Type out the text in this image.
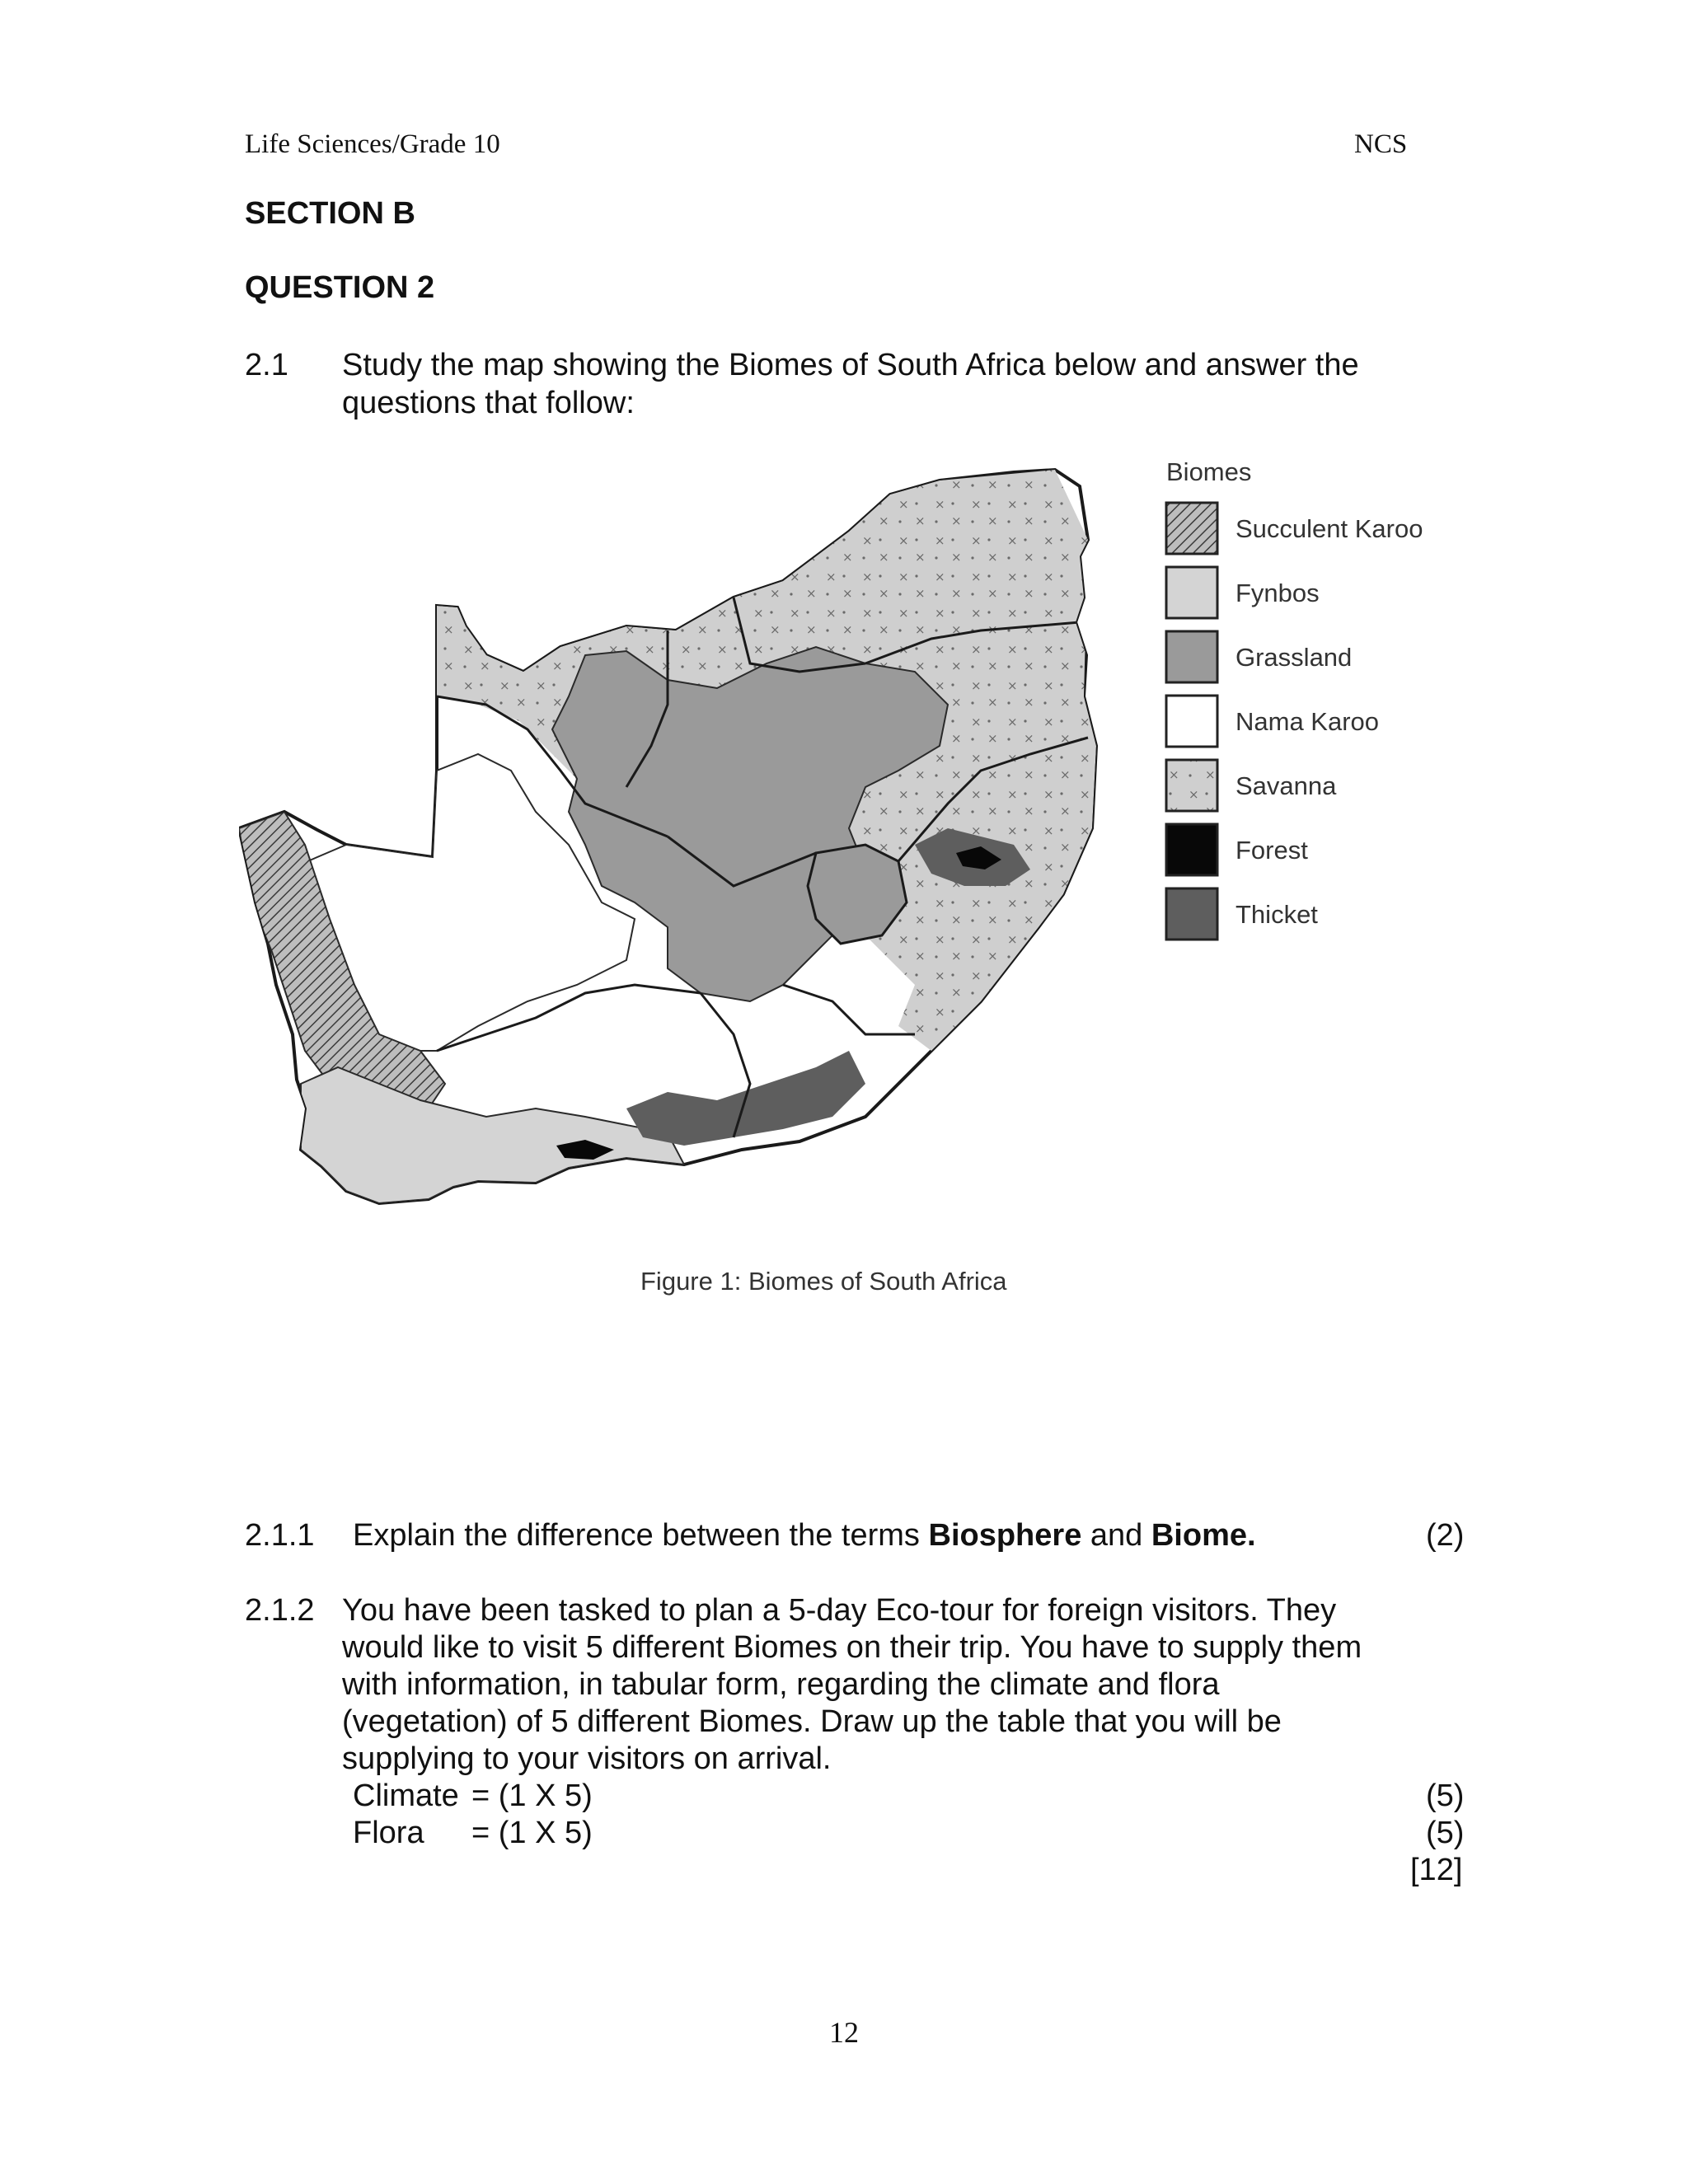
Life Sciences/Grade 10	NCS
SECTION B
QUESTION 2
2.1 Study the map showing the Biomes of South Africa below and answer the
questions that follow:
Biomes
Succulent Karoo
Fynbos
Grassland
Nama Karoo
Savanna
Forest
Thicket
Figure 1: Biomes of South Africa
2.1.1 Explain the difference between the terms Biosphere and Biome.	(2)
2.1.2 You have been tasked to plan a 5-day Eco-tour for foreign visitors. They
would like to visit 5 different Biomes on their trip. You have to supply them
with information, in tabular form, regarding the climate and flora
(vegetation) of 5 different Biomes. Draw up the table that you will be
supplying to your visitors on arrival.
Climate = (1 X 5)	(5)
Flora = (1 X 5)	(5)
[12]
12
